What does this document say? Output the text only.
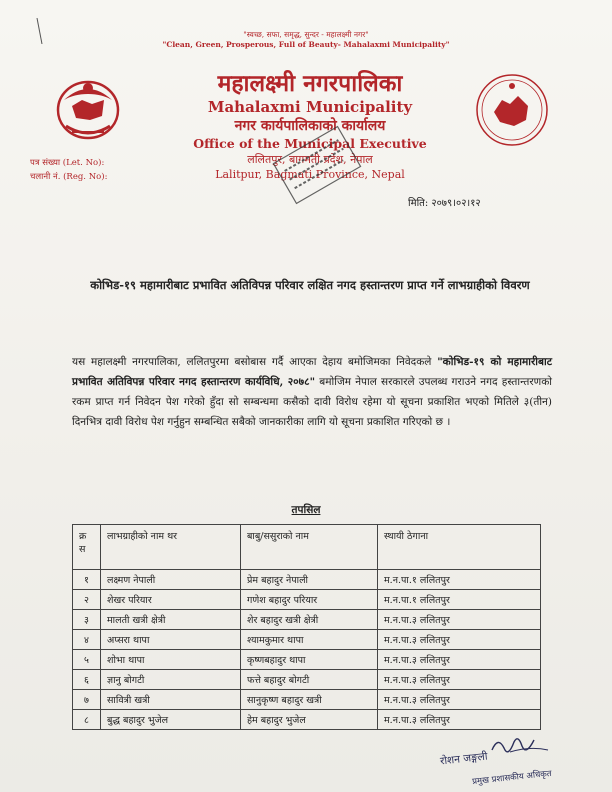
"स्वच्छ, सफा, समृद्ध, सुन्दर - महालक्ष्मी नगर"
"Clean, Green, Prosperous, Full of Beauty- Mahalaxmi Municipality"
महालक्ष्मी नगरपालिका
Mahalaxmi Municipality
नगर कार्यपालिकाको कार्यालय
Office of the Municipal Executive
ललितपुर, बागमती प्रदेश, नेपाल
Lalitpur, Bagmati Province, Nepal
पत्र संख्या (Let. No):
चलानी नं. (Reg. No):
मिति: २०७९।०२।१२
कोभिड-१९ महामारीबाट प्रभावित अतिविपन्न परिवार लक्षित नगद हस्तान्तरण प्राप्त गर्ने लाभग्राहीको विवरण
यस महालक्ष्मी नगरपालिका, ललितपुरमा बसोबास गर्दै आएका देहाय बमोजिमका निवेदकले "कोभिड-१९ को महामारीबाट प्रभावित अतिविपन्न परिवार नगद हस्तान्तरण कार्यविधि, २०७८" बमोजिम नेपाल सरकारले उपलब्ध गराउने नगद हस्तान्तरणको रकम प्राप्त गर्न निवेदन पेश गरेको हुँदा सो सम्बन्धमा कसैको दावी विरोध रहेमा यो सूचना प्रकाशित भएको मितिले ३(तीन) दिनभित्र दावी विरोध पेश गर्नुहुन सम्बन्धित सबैको जानकारीका लागि यो सूचना प्रकाशित गरिएको छ ।
तपसिल
क्र स	लाभग्राहीको नाम थर	बाबु/ससुराको नाम	स्थायी ठेगाना
१	लक्ष्मण नेपाली	प्रेम बहादुर नेपाली	म.न.पा.१ ललितपुर
२	शेखर परियार	गणेश बहादुर परियार	म.न.पा.१ ललितपुर
३	मालती खत्री क्षेत्री	शेर बहादुर खत्री क्षेत्री	म.न.पा.३ ललितपुर
४	अप्सरा थापा	श्यामकुमार थापा	म.न.पा.३ ललितपुर
५	शोभा थापा	कृष्णबहादुर थापा	म.न.पा.३ ललितपुर
६	ज्ञानु बोगटी	फत्ते बहादुर बोगटी	म.न.पा.३ ललितपुर
७	सावित्री खत्री	सानुकृष्ण बहादुर खत्री	म.न.पा.३ ललितपुर
८	बुद्ध बहादुर भुजेल	हेम बहादुर भुजेल	म.न.पा.३ ललितपुर
रोशन जङ्गली
प्रमुख प्रशासकीय अधिकृत
